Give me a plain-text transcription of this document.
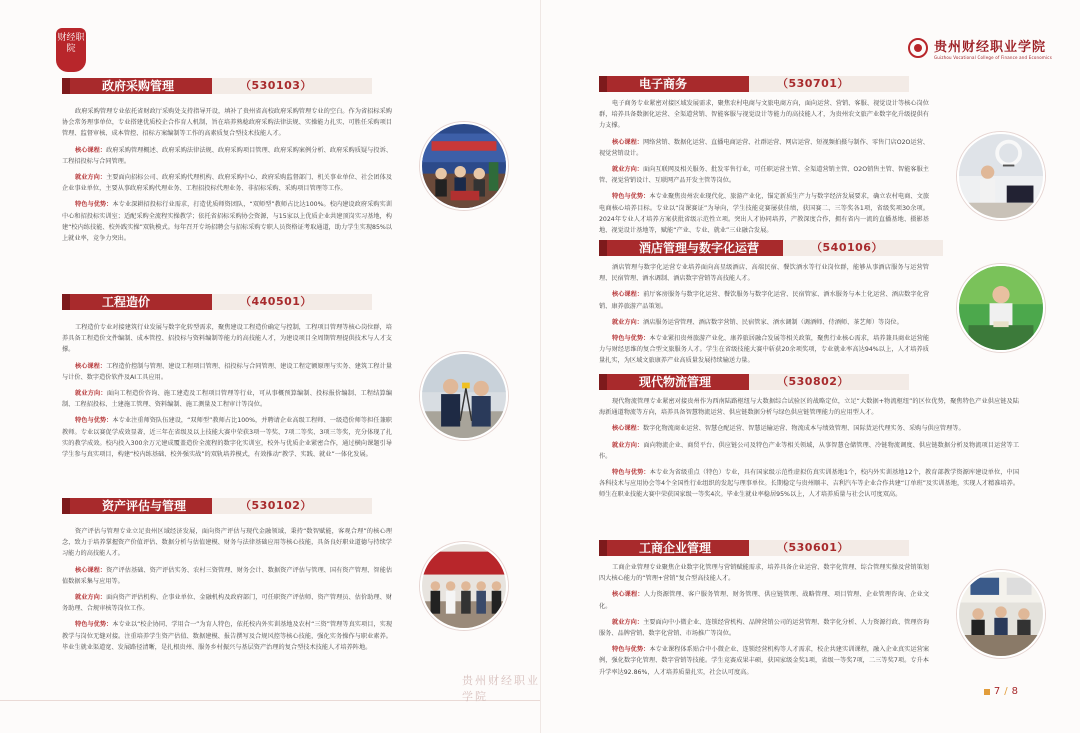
财经职院
政府采购管理	（530103）

政府采购管理专业依托省财政厅采购处支持指导开设，填补了贵州省高校政府采购管理专业的空白。作为省招标采购协会常务理事单位，专业搭建优质校企合作育人机制，旨在培养熟稔政府采购法律法规、实操能力扎实、可胜任采购项目管理、监督审核、成本管控、招标方案编制等工作的高素质复合型技术技能人才。

核心课程：政府采购管理概述、政府采购法律法规、政府采购项目管理、政府采购案例分析、政府采购质疑与投诉、工程招投标与合同管理。

就业方向：主要面向招标公司、政府采购代理机构、政府采购中心、政府采购监督部门、机关事业单位、社会团体及企业事业单位，主要从事政府采购代理业务、工程招投标代理业务、非招标采购、采购项目管理等工作。

特色与优势：本专业深耕招投标行业需求，打造优质师资团队，“双师型”教师占比达100%。校内建设政府采购实训中心和招投标实训室；适配采购全流程实操教学；依托省招标采购协会资源，与15家以上优质企业共建顶岗实习基地，构建“校内练技能、校外践实操”双轨模式。每年召开专场招聘会与招标采购专职人员资格证考取通道，助力学生实现85%以上就业率，竞争力突出。

工程造价	（440501）

工程造价专业对接建筑行业发展与数字化转型需求，聚焦建设工程造价确定与控制，工程项目管理等核心岗位群，培养具备工程造价文件编制、成本管控、招投标与资料编制等能力的高技能人才，为建设项目全周期管理提供技术与人才支撑。

核心课程：工程造价控制与管理、建设工程项目管理、招投标与合同管理、建设工程定额原理与实务、建筑工程计量与计价、数字造价软件及AI工具应用。

就业方向：面向工程造价咨询、施工建造及工程项目管理等行业，可从事概预算编制、投标报价编制、工程结算编制、工程招投标、土建施工管理、资料编制、施工测量及工程审计等岗位。

特色与优势：本专业注重师资队伍建设，“双师型”教师占比100%，并聘请企业高级工程师、一级造价师等担任兼职教师。专业以赛促学成效显著，近三年在省级及以上技能大赛中荣获3项一等奖、7项二等奖、3项三等奖，充分体现了扎实的教学成效。校内投入300余万元建成覆盖造价全流程的数字化实训室，校外与优质企业紧密合作，通过横向课题引导学生参与真实项目，构建“校内练基础、校外强实战”的双轨培养模式，有效推动“教学、实践、就业”一体化发展。

资产评估与管理	（530102）

资产评估与管理专业立足贵州区域经济发展，面向资产评估与现代金融领域，秉持“数智赋能，客观合理”的核心理念，致力于培养掌握资产价值评估、数据分析与估值建模、财务与法律基础应用等核心技能，具备良好职业道德与持续学习能力的高技能人才。

核心课程：资产评估基础、资产评估实务、农村三资管理、财务会计、数据资产评估与管理、国有资产管理、智能估值数据采集与应用等。

就业方向：面向资产评估机构、企事业单位、金融机构及政府部门，可任职资产评估师、资产管理员、估价助理、财务助理、合规审核等岗位工作。

特色与优势：本专业以“校企协同、学用合一”为育人特色，依托校内外实训基地及农村“三资”管理等真实项目，实现教学与岗位无缝对接。注重培养学生资产估值、数据建模、报告撰写及合规风控等核心技能，强化实务操作与职业素养。毕业生就业渠道宽、发展路径清晰，是扎根贵州、服务乡村振兴与基层资产治理的复合型技术技能人才培养阵地。

贵州财经职业学院
贵州财经职业学院
Guizhou Vocational College of Finance and Economics
电子商务	（530701）

电子商务专业紧密对接区域发展需求，聚焦农村电商与文旅电商方向，面向运营、营销、客服、视觉设计等核心岗位群，培养具备数据化运营、全渠道营销、智能客服与视觉设计等能力的高技能人才，为贵州农文旅产业数字化升级提供有力支撑。

核心课程：网络营销、数据化运营、直播电商运营、社群运营、网店运营、短视频拍摄与制作、零售门店O2O运营、视觉营销设计。

就业方向：面向互联网及相关服务、批发零售行业，可任职运营主管、全渠道营销主管、O2O销售主管、智能客服主管、视觉营销设计、互联网产品开发主管等岗位。

特色与优势：本专业聚焦贵州农业现代化、旅游产业化，锚定新质生产力与数字经济发展要求，确立农村电商、文旅电商核心培养目标。专业以“岗课赛证”为导向，学生技能竞赛屡获佳绩，获国赛二、三等奖各1项，省级奖项30余项。2024年专业人才培养方案获批省级示范性立项。突出人才协同培养，产教深度合作，拥有省内一流的直播基地、摄影基地、视觉设计基地等，赋能“产业、专业、就业”三业融合发展。

酒店管理与数字化运营	（540106）

酒店管理与数字化运营专业培养面向高星级酒店、高端民宿、餐饮酒水等行业岗位群，能够从事酒店服务与运营管理、民宿管理、酒水调制、酒店数字营销等高技能人才。

核心课程：前厅客房服务与数字化运营、餐饮服务与数字化运营、民宿管家、酒水服务与本土化运营、酒店数字化营销、康养旅游产品策划。

就业方向：酒店服务运营管理、酒店数字营销、民宿管家、酒水调制（调酒师、侍酒师、茶艺师）等岗位。

特色与优势：本专业紧扣贵州旅游产业化、康养旅居融合发展等相关政策，聚焦行业核心需求，培养兼具商业运营能力与财经思维的复合型文旅服务人才。学生在省级技能大赛中斩获20余项奖项，专业就业率高达94%以上，人才培养质量扎实，为区域文旅康养产业高质量发展持续输送力量。

现代物流管理	（530802）

现代物流管理专业紧密对接贵州作为西南陆路枢纽与大数据综合试验区的战略定位，立足“大数据+物流枢纽”的区位优势，聚焦特色产业供应链及陆海新通道物流等方向，培养具备智慧物流运营、供应链数据分析与绿色供应链管理能力的应用型人才。

核心课程：数字化物流商业运营、智慧仓配运营、智慧运输运营、物流成本与绩效管理、国际货运代理实务、采购与供应管理等。

就业方向：面向物流企业、商贸平台、供应链公司及特色产业等相关领域，从事智慧仓储管理、冷链物流调度、供应链数据分析及物流项目运营等工作。

特色与优势：本专业为省级重点（特色）专业，具有国家级示范性虚拟仿真实训基地1个，校内外实训基地12个，教育部教学资源库建设单位，中国各科技术与应用协会等4个全国性行业组织的发起与理事单位。长期稳定与贵州顺丰、吉利汽车等企业合作共建“订单班”及实训基地，实现人才精准培养。师生在职业技能大赛中荣获国家级一等奖4次。毕业生就业率稳居95%以上，人才培养质量与社会认可度双高。

工商企业管理	（530601）

工商企业管理专业聚焦企业数字化管理与营销赋能需求，培养具备企业运营、数字化管理、综合管理实操及营销策划四大核心能力的“管理+营销”复合型高技能人才。

核心课程：人力资源管理、客户服务管理、财务管理、供应链管理、战略管理、项目管理、企业管理咨询、企业文化。

就业方向：主要面向中小微企业、连锁经营机构、品牌营销公司的运营管理、数字化分析、人力资源行政、管理咨询服务、品牌营销、数字化营销、市场推广等岗位。

特色与优势：本专业课程体系贴合中小微企业、连锁经营机构等人才需求，校企共建实训课程，融入企业真实运营案例，强化数字化管理、数字营销等技能。学生竞赛成果丰硕，获国家级金奖1项，省级一等奖7项，二三等奖7项。专升本升学率达92.86%，人才培养质量扎实，社会认可度高。

7 / 8
